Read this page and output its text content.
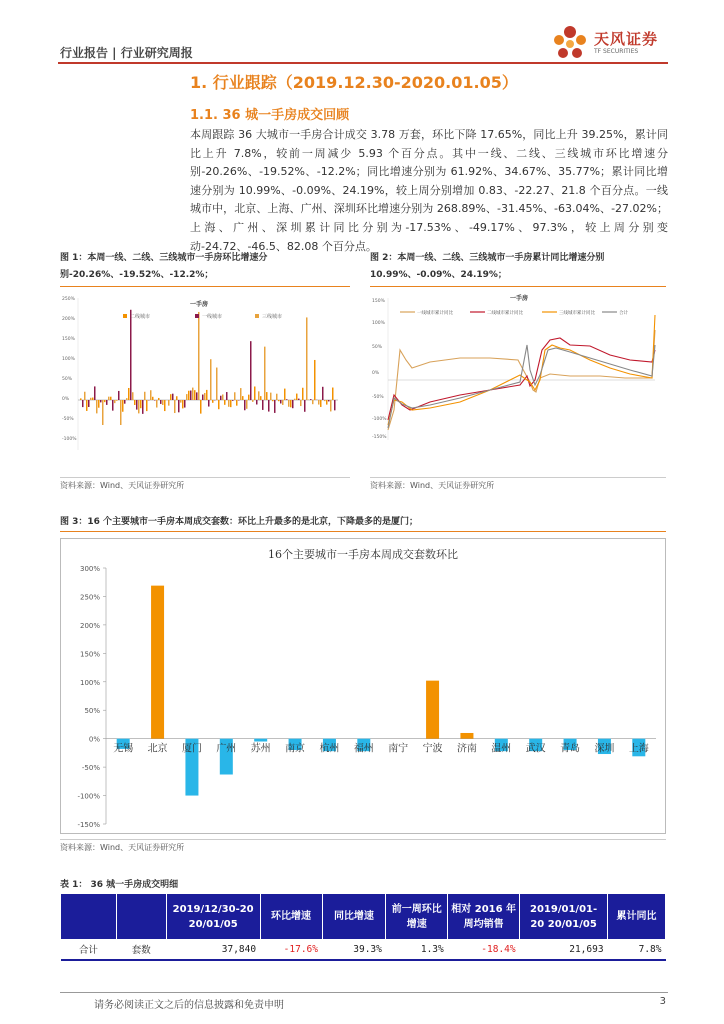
行业报告 | 行业研究周报
天风证券
TF SECURITIES
1. 行业跟踪（2019.12.30-2020.01.05）
1.1. 36 城一手房成交回顾
本周跟踪 36 大城市一手房合计成交 3.78 万套，环比下降 17.65%，同比上升 39.25%，累计同比上升 7.8%，较前一周减少 5.93 个百分点。其中一线、二线、三线城市环比增速分别-20.26%、-19.52%、-12.2%；同比增速分别为 61.92%、34.67%、35.77%；累计同比增速分别为 10.99%、-0.09%、24.19%，较上周分别增加 0.83、-22.27、21.8 个百分点。一线城市中，北京、上海、广州、深圳环比增速分别为 268.89%、-31.45%、-63.04%、-27.02%；上海、广州、深圳累计同比分别为-17.53%、-49.17%、97.3%，较上周分别变动-24.72、-46.5、82.08 个百分点。
图 1：本周一线、二线、三线城市一手房环比增速分别-20.26%、-19.52%、-12.2%；
250%
200%
150%
100%
50%
0%
-50%
-100%
一手房
二线城市	一线城市	三线城市
资料来源：Wind、天风证券研究所
图 2：本周一线、二线、三线城市一手房累计同比增速分别 10.99%、-0.09%、24.19%；
150%
100%
50%
0%
-50%
-100%
-150%
一手房
一线城市累计同比	二线城市累计同比	三线城市累计同比	合计
资料来源：Wind、天风证券研究所
图 3：16 个主要城市一手房本周成交套数：环比上升最多的是北京，下降最多的是厦门；
16个主要城市一手房本周成交套数环比
300%
250%
200%
150%
100%
50%
0%
-50%
-100%
-150%
无锡 北京 厦门 广州 苏州 南京 杭州 福州 南宁 宁波 济南 温州 武汉 青岛 深圳 上海
资料来源：Wind、天风证券研究所
表 1： 36 城一手房成交明细
		2019/12/30-20 20/01/05	环比增速	同比增速	前一周环比增速	相对 2016 年周均销售	2019/01/01-20 20/01/05	累计同比
合计	套数	37,840	-17.6%	39.3%	1.3%	-18.4%	21,693	7.8%
请务必阅读正文之后的信息披露和免责申明	3
